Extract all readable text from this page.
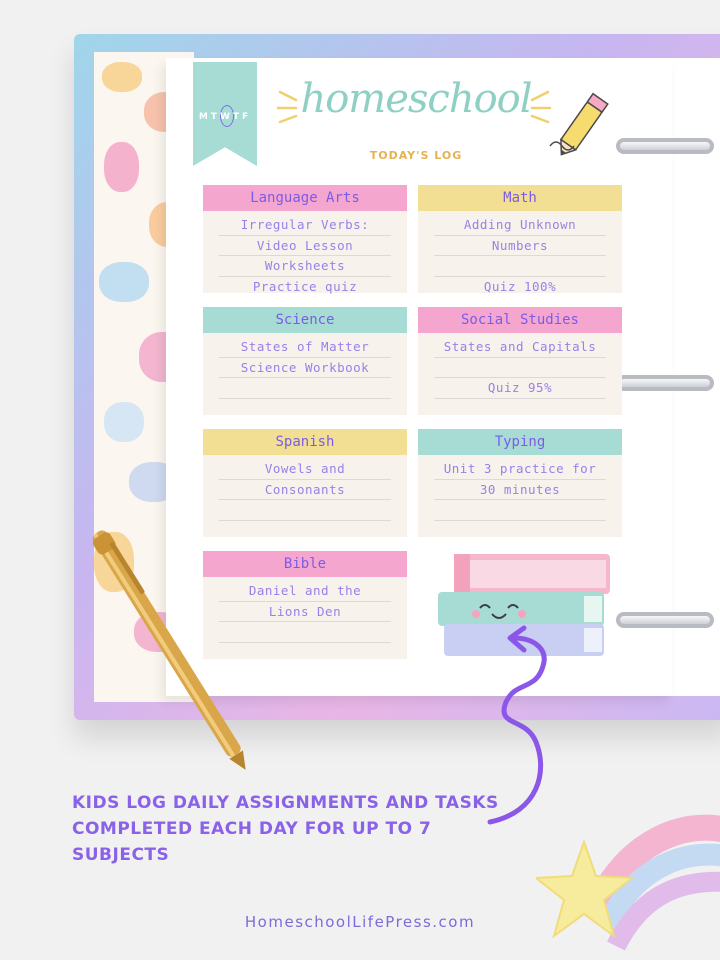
MTWTF homeschool
TODAY'S LOG
Language Arts
Irregular Verbs:
Video Lesson
Worksheets
Practice quiz
Math
Adding Unknown
Numbers
Quiz 100%
Science
States of Matter
Science Workbook
Social Studies
States and Capitals
Quiz 95%
Spanish
Vowels and
Consonants
Typing
Unit 3 practice for
30 minutes
Bible
Daniel and the
Lions Den
KIDS LOG DAILY ASSIGNMENTS AND TASKS COMPLETED EACH DAY FOR UP TO 7 SUBJECTS
HomeschoolLifePress.com
